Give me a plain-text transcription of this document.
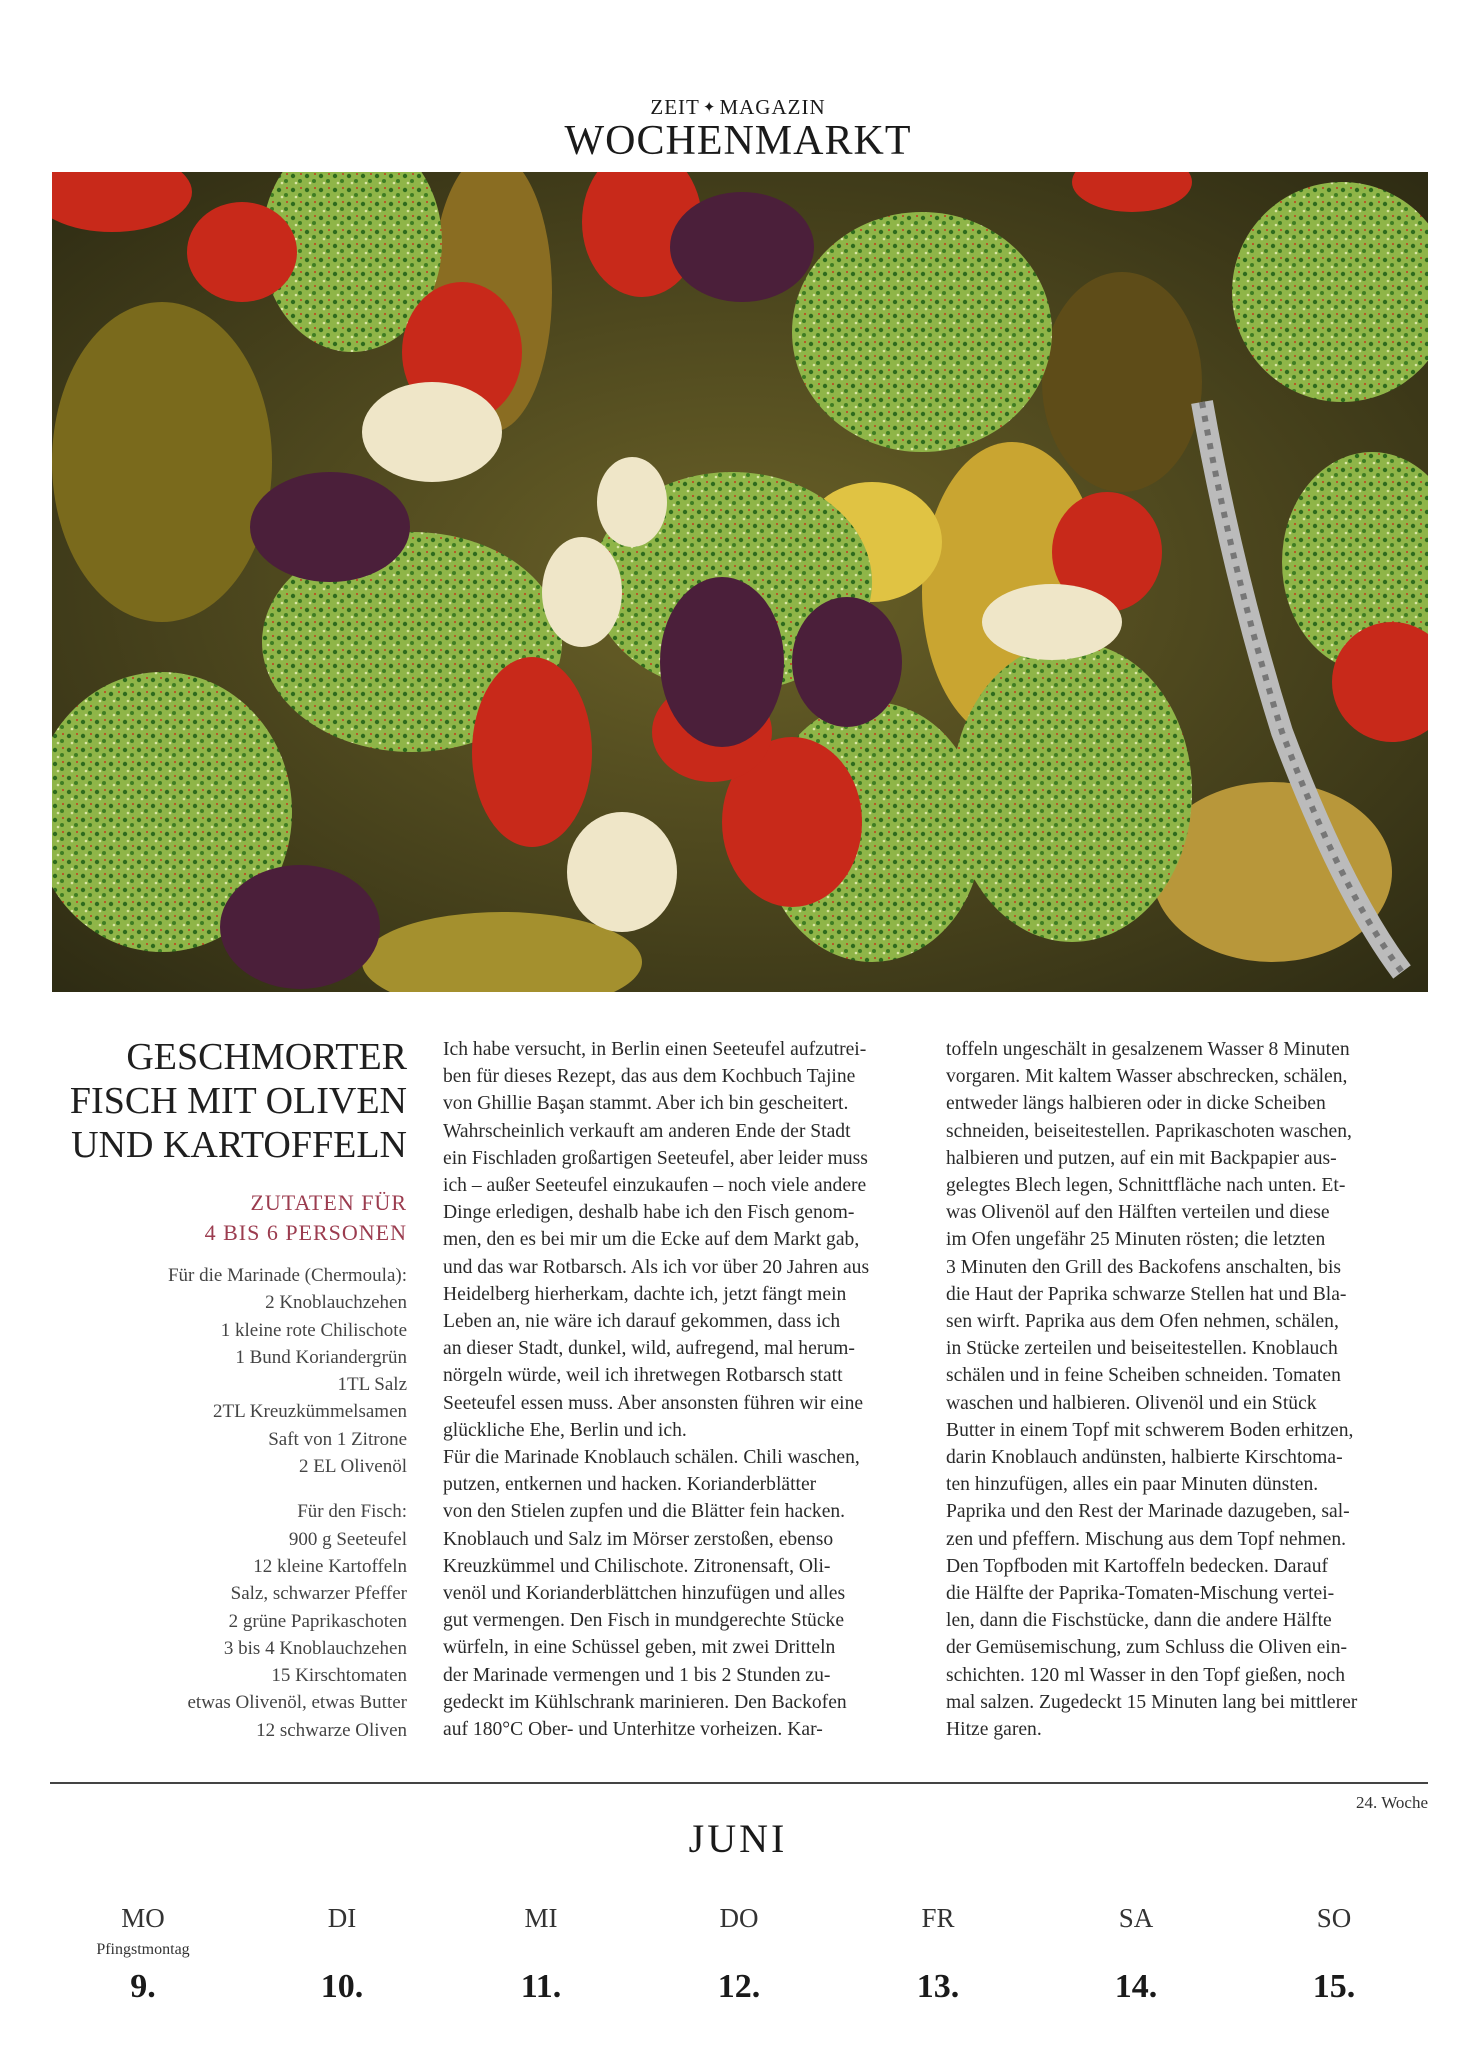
ZEIT ✦ MAGAZIN
WOCHENMARKT
GESCHMORTER
FISCH MIT OLIVEN
UND KARTOFFELN
ZUTATEN FÜR
4 BIS 6 PERSONEN
Für die Marinade (Chermoula):
2 Knoblauchzehen
1 kleine rote Chilischote
1 Bund Koriandergrün
1TL Salz
2TL Kreuzkümmelsamen
Saft von 1 Zitrone
2 EL Olivenöl
Für den Fisch:
900 g Seeteufel
12 kleine Kartoffeln
Salz, schwarzer Pfeffer
2 grüne Paprikaschoten
3 bis 4 Knoblauchzehen
15 Kirschtomaten
etwas Olivenöl, etwas Butter
12 schwarze Oliven
Ich habe versucht, in Berlin einen Seeteufel aufzutrei-
ben für dieses Rezept, das aus dem Kochbuch Tajine
von Ghillie Başan stammt. Aber ich bin gescheitert.
Wahrscheinlich verkauft am anderen Ende der Stadt
ein Fischladen großartigen Seeteufel, aber leider muss
ich – außer Seeteufel einzukaufen – noch viele andere
Dinge erledigen, deshalb habe ich den Fisch genom-
men, den es bei mir um die Ecke auf dem Markt gab,
und das war Rotbarsch. Als ich vor über 20 Jahren aus
Heidelberg hierherkam, dachte ich, jetzt fängt mein
Leben an, nie wäre ich darauf gekommen, dass ich
an dieser Stadt, dunkel, wild, aufregend, mal herum-
nörgeln würde, weil ich ihretwegen Rotbarsch statt
Seeteufel essen muss. Aber ansonsten führen wir eine
glückliche Ehe, Berlin und ich.
Für die Marinade Knoblauch schälen. Chili waschen,
putzen, entkernen und hacken. Korianderblätter
von den Stielen zupfen und die Blätter fein hacken.
Knoblauch und Salz im Mörser zerstoßen, ebenso
Kreuzkümmel und Chilischote. Zitronensaft, Oli-
venöl und Korianderblättchen hinzufügen und alles
gut vermengen. Den Fisch in mundgerechte Stücke
würfeln, in eine Schüssel geben, mit zwei Dritteln
der Marinade vermengen und 1 bis 2 Stunden zu-
gedeckt im Kühlschrank marinieren. Den Backofen
auf 180°C Ober- und Unterhitze vorheizen. Kar-
toffeln ungeschält in gesalzenem Wasser 8 Minuten
vorgaren. Mit kaltem Wasser abschrecken, schälen,
entweder längs halbieren oder in dicke Scheiben
schneiden, beiseitestellen. Paprikaschoten waschen,
halbieren und putzen, auf ein mit Backpapier aus-
gelegtes Blech legen, Schnittfläche nach unten. Et-
was Olivenöl auf den Hälften verteilen und diese
im Ofen ungefähr 25 Minuten rösten; die letzten
3 Minuten den Grill des Backofens anschalten, bis
die Haut der Paprika schwarze Stellen hat und Bla-
sen wirft. Paprika aus dem Ofen nehmen, schälen,
in Stücke zerteilen und beiseitestellen. Knoblauch
schälen und in feine Scheiben schneiden. Tomaten
waschen und halbieren. Olivenöl und ein Stück
Butter in einem Topf mit schwerem Boden erhitzen,
darin Knoblauch andünsten, halbierte Kirschtoma-
ten hinzufügen, alles ein paar Minuten dünsten.
Paprika und den Rest der Marinade dazugeben, sal-
zen und pfeffern. Mischung aus dem Topf nehmen.
Den Topfboden mit Kartoffeln bedecken. Darauf
die Hälfte der Paprika-Tomaten-Mischung vertei-
len, dann die Fischstücke, dann die andere Hälfte
der Gemüsemischung, zum Schluss die Oliven ein-
schichten. 120 ml Wasser in den Topf gießen, noch
mal salzen. Zugedeckt 15 Minuten lang bei mittlerer
Hitze garen.
24. Woche
JUNI
MO
Pfingstmontag
9.
DI
10.
MI
11.
DO
12.
FR
13.
SA
14.
SO
15.
